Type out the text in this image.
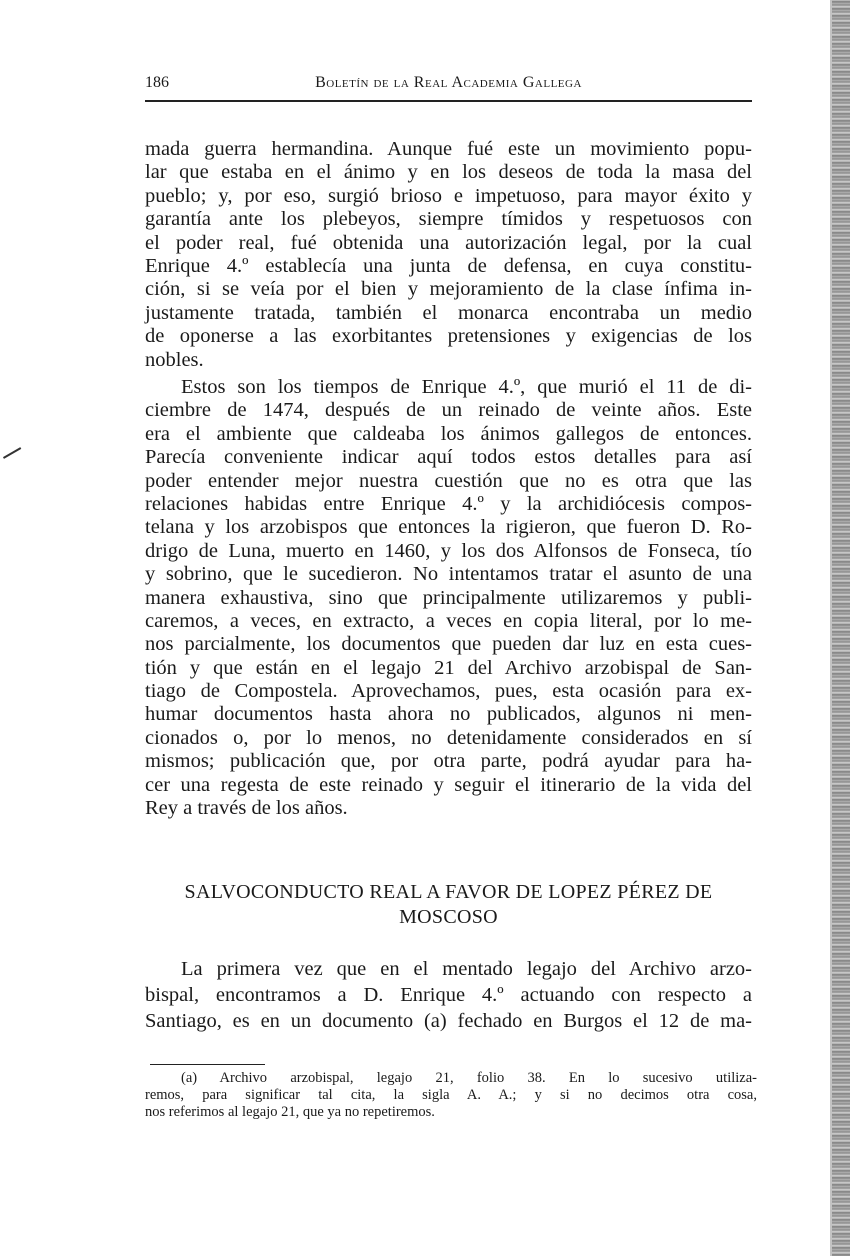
186	Boletín de la Real Academia Gallega
mada guerra hermandina. Aunque fué este un movimiento popu-
lar que estaba en el ánimo y en los deseos de toda la masa del
pueblo; y, por eso, surgió brioso e impetuoso, para mayor éxito y
garantía ante los plebeyos, siempre tímidos y respetuosos con
el poder real, fué obtenida una autorización legal, por la cual
Enrique 4.º establecía una junta de defensa, en cuya constitu-
ción, si se veía por el bien y mejoramiento de la clase ínfima in-
justamente tratada, también el monarca encontraba un medio
de oponerse a las exorbitantes pretensiones y exigencias de los
nobles.
Estos son los tiempos de Enrique 4.º, que murió el 11 de di-
ciembre de 1474, después de un reinado de veinte años. Este
era el ambiente que caldeaba los ánimos gallegos de entonces.
Parecía conveniente indicar aquí todos estos detalles para así
poder entender mejor nuestra cuestión que no es otra que las
relaciones habidas entre Enrique 4.º y la archidiócesis compos-
telana y los arzobispos que entonces la rigieron, que fueron D. Ro-
drigo de Luna, muerto en 1460, y los dos Alfonsos de Fonseca, tío
y sobrino, que le sucedieron. No intentamos tratar el asunto de una
manera exhaustiva, sino que principalmente utilizaremos y publi-
caremos, a veces, en extracto, a veces en copia literal, por lo me-
nos parcialmente, los documentos que pueden dar luz en esta cues-
tión y que están en el legajo 21 del Archivo arzobispal de San-
tiago de Compostela. Aprovechamos, pues, esta ocasión para ex-
humar documentos hasta ahora no publicados, algunos ni men-
cionados o, por lo menos, no detenidamente considerados en sí
mismos; publicación que, por otra parte, podrá ayudar para ha-
cer una regesta de este reinado y seguir el itinerario de la vida del
Rey a través de los años.
SALVOCONDUCTO REAL A FAVOR DE LOPEZ PÉREZ DE
MOSCOSO
La primera vez que en el mentado legajo del Archivo arzo-
bispal, encontramos a D. Enrique 4.º actuando con respecto a
Santiago, es en un documento (a) fechado en Burgos el 12 de ma-
(a) Archivo arzobispal, legajo 21, folio 38. En lo sucesivo utiliza-
remos, para significar tal cita, la sigla A. A.; y si no decimos otra cosa,
nos referimos al legajo 21, que ya no repetiremos.
